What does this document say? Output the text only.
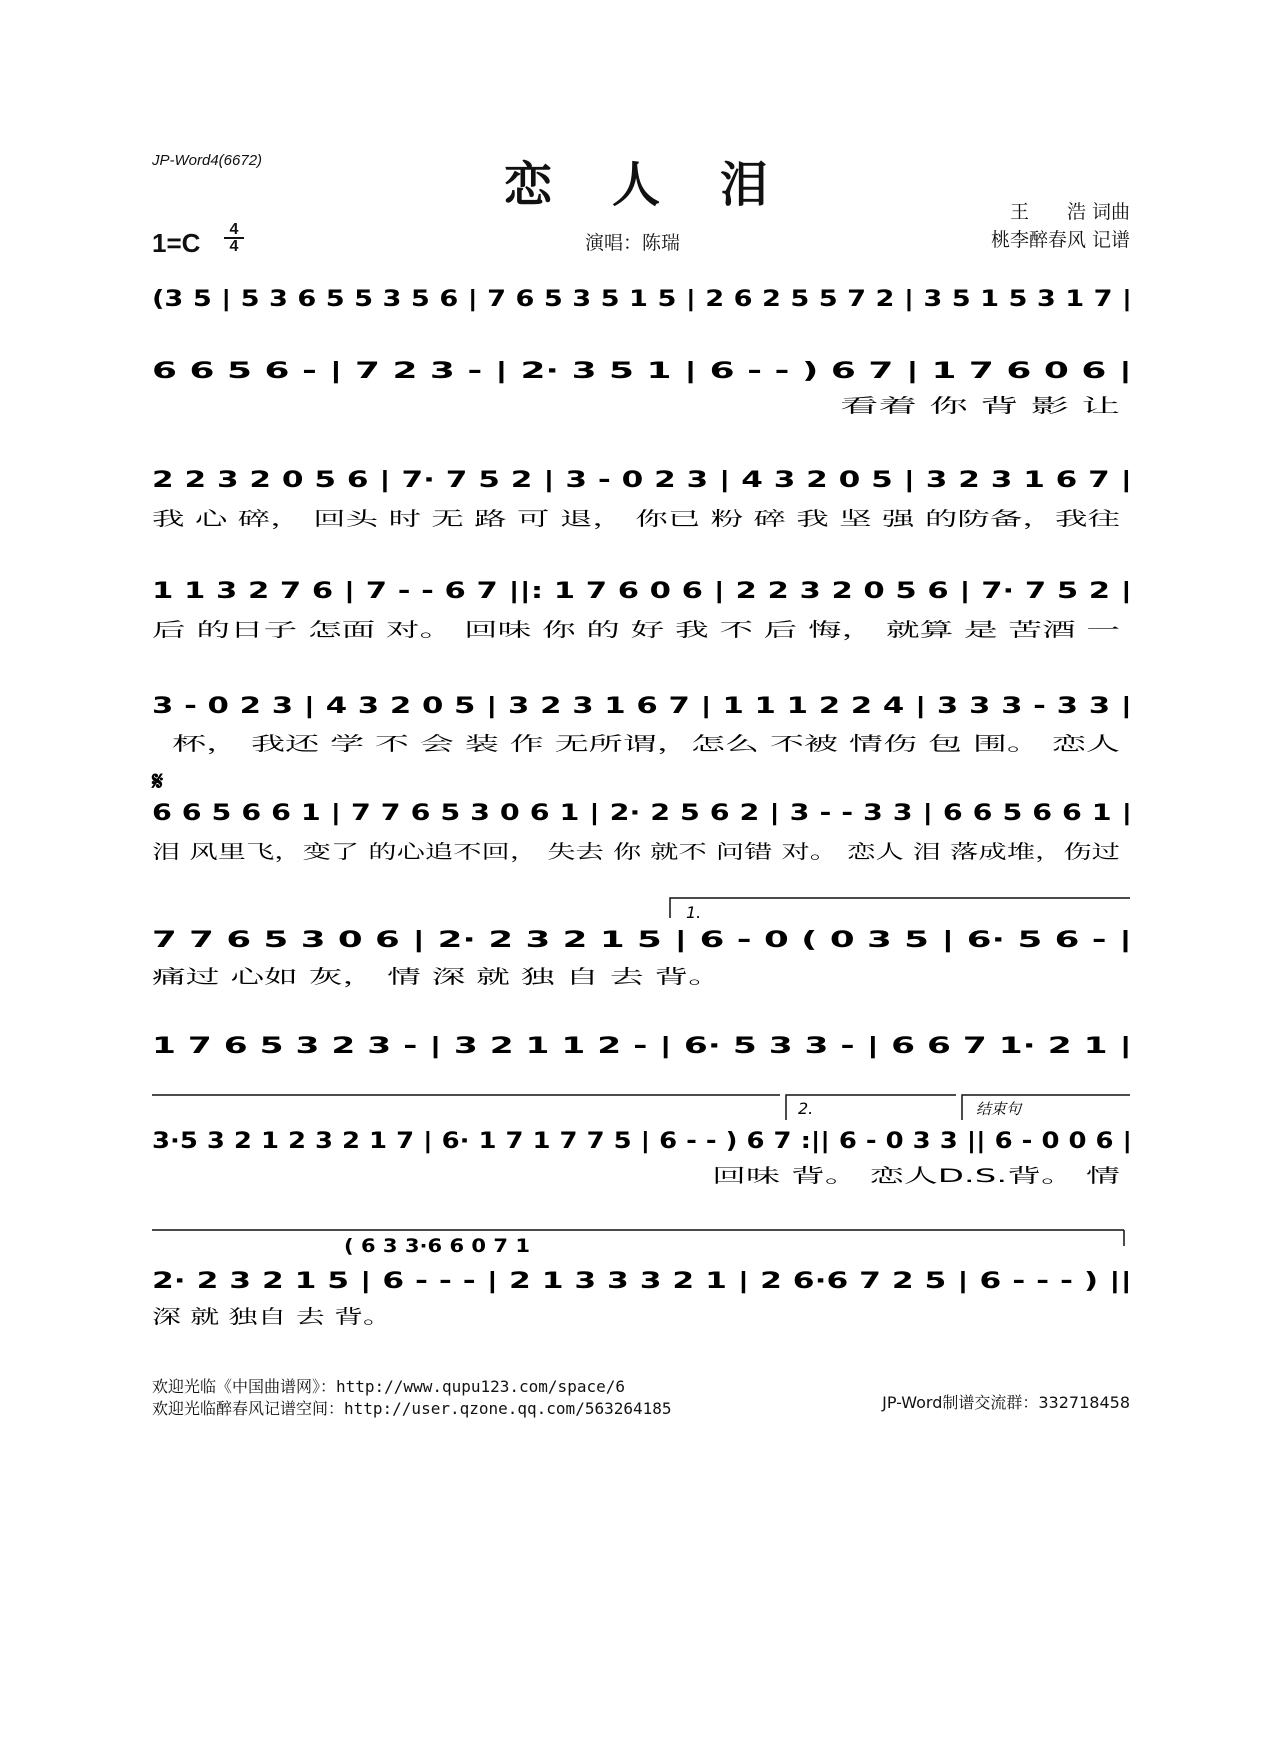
JP-Word4(6672)	恋人泪
1=C	4
4	演唱：陈瑞
王　　浩 词曲
桃李醉春风 记谱
(3 5 | 5 3 6 5 5 3 5 6 | 7 6 5 3 5 1 5 | 2 6 2 5 5 7 2 | 3 5 1 5 3 1 7 |
6 6 5 6 - | 7 2 3 - | 2· 3 5 1 | 6 - - ) 6 7 | 1 7 6 0 6 |
看着 你 背 影 让
2 2 3 2 0 5 6 | 7· 7 5 2 | 3 - 0 2 3 | 4 3 2 0 5 | 3 2 3 1 6 7 |
我 心 碎， 回头 时 无 路 可 退， 你已 粉 碎 我 坚 强 的防备，我往
1 1 3 2 7 6 | 7 - - 6 7 ||: 1 7 6 0 6 | 2 2 3 2 0 5 6 | 7· 7 5 2 |
后 的日子 怎面 对。 回味 你 的 好 我 不 后 悔， 就算 是 苦酒 一
3 - 0 2 3 | 4 3 2 0 5 | 3 2 3 1 6 7 | 1 1 1 2 2 4 | 3 3 3 - 3 3 |
杯， 我还 学 不 会 装 作 无所谓，怎么 不被 情伤 包 围。 恋人
𝄋
6 6 5 6 6 1 | 7 7 6 5 3 0 6 1 | 2· 2 5 6 2 | 3 - - 3 3 | 6 6 5 6 6 1 |
泪 风里飞，变了 的心追不回， 失去 你 就不 问错 对。 恋人 泪 落成堆，伤过
1.
7 7 6 5 3 0 6 | 2· 2 3 2 1 5 | 6 - 0 ( 0 3 5 | 6· 5 6 - |
痛过 心如 灰， 情 深 就 独 自 去 背。
1 7 6 5 3 2 3 - | 3 2 1 1 2 - | 6· 5 3 3 - | 6 6 7 1· 2 1 |
2.	结束句
3·5 3 2 1 2 3 2 1 7 | 6· 1 7 1 7 7 5 | 6 - - ) 6 7 :|| 6 - 0 3 3 || 6 - 0 0 6 |
回味 背。 恋人D.S.背。 情
( 6 3 3·6 6 0 7 1
2· 2 3 2 1 5 | 6 - - - | 2 1 3 3 3 2 1 | 2 6·6 7 2 5 | 6 - - - ) ||
深 就 独自 去 背。
欢迎光临《中国曲谱网》：http://www.qupu123.com/space/6
欢迎光临醉春风记谱空间：http://user.qzone.qq.com/563264185	JP-Word制谱交流群：332718458
